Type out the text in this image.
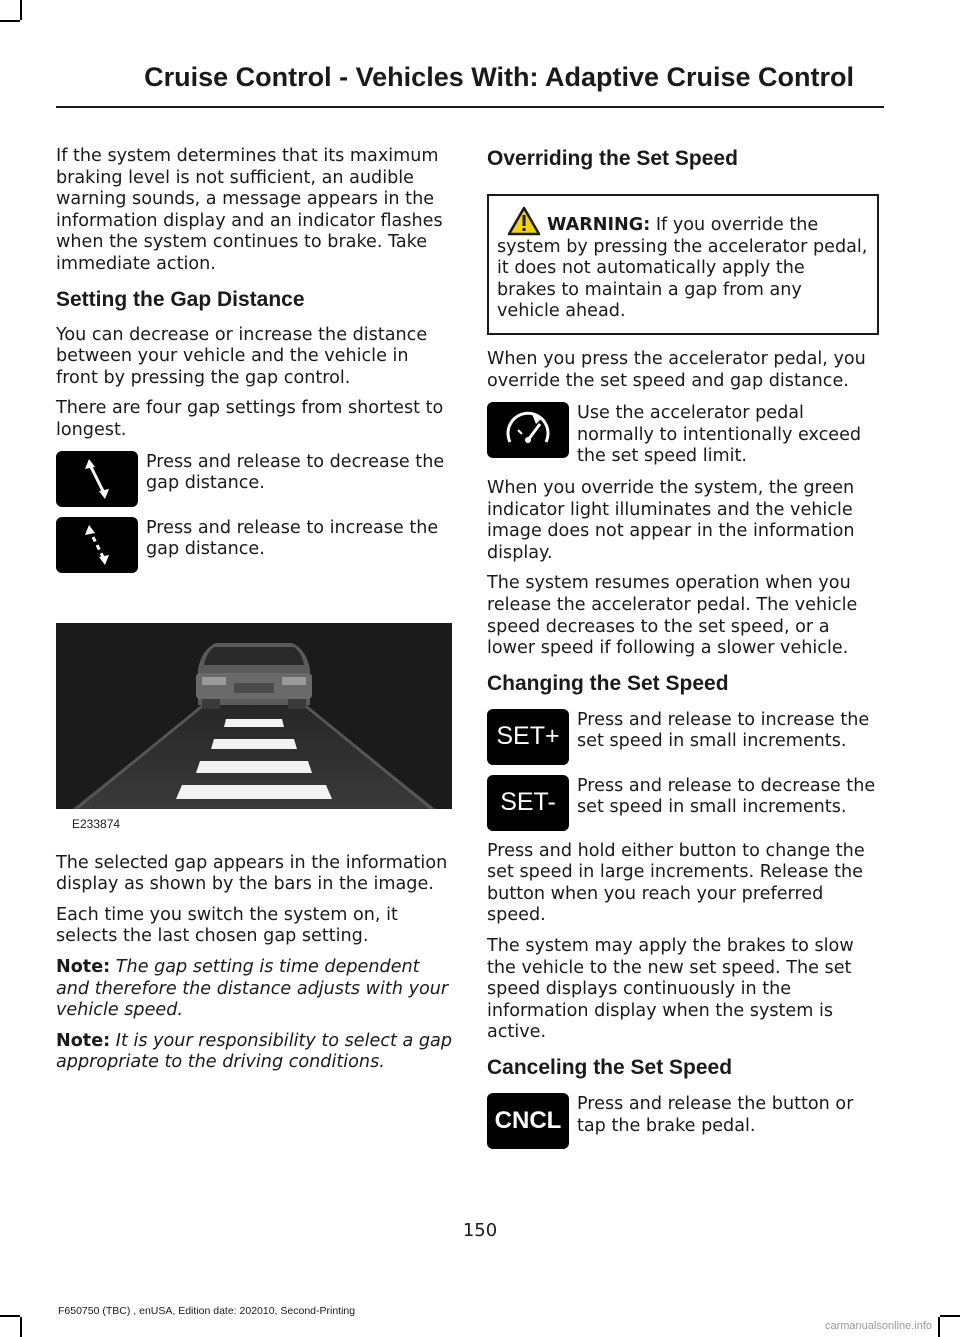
Cruise Control - Vehicles With: Adaptive Cruise Control

If the system determines that its maximum braking level is not sufficient, an audible warning sounds, a message appears in the information display and an indicator flashes when the system continues to brake. Take immediate action.

Setting the Gap Distance

You can decrease or increase the distance between your vehicle and the vehicle in front by pressing the gap control.

There are four gap settings from shortest to longest.

Press and release to decrease the gap distance.

Press and release to increase the gap distance.

E233874

The selected gap appears in the information display as shown by the bars in the image.

Each time you switch the system on, it selects the last chosen gap setting.

Note: The gap setting is time dependent and therefore the distance adjusts with your vehicle speed.

Note: It is your responsibility to select a gap appropriate to the driving conditions.

Overriding the Set Speed
WARNING: If you override the system by pressing the accelerator pedal, it does not automatically apply the brakes to maintain a gap from any vehicle ahead.

When you press the accelerator pedal, you override the set speed and gap distance.

Use the accelerator pedal normally to intentionally exceed the set speed limit.

When you override the system, the green indicator light illuminates and the vehicle image does not appear in the information display.

The system resumes operation when you release the accelerator pedal. The vehicle speed decreases to the set speed, or a lower speed if following a slower vehicle.

Changing the Set Speed
SET+

Press and release to increase the set speed in small increments.

SET-

Press and release to decrease the set speed in small increments.

Press and hold either button to change the set speed in large increments. Release the button when you reach your preferred speed.

The system may apply the brakes to slow the vehicle to the new set speed. The set speed displays continuously in the information display when the system is active.

Canceling the Set Speed
CNCL

Press and release the button or tap the brake pedal.

150
F650750 (TBC) , enUSA, Edition date: 202010, Second-Printing
carmanualsonline.info
